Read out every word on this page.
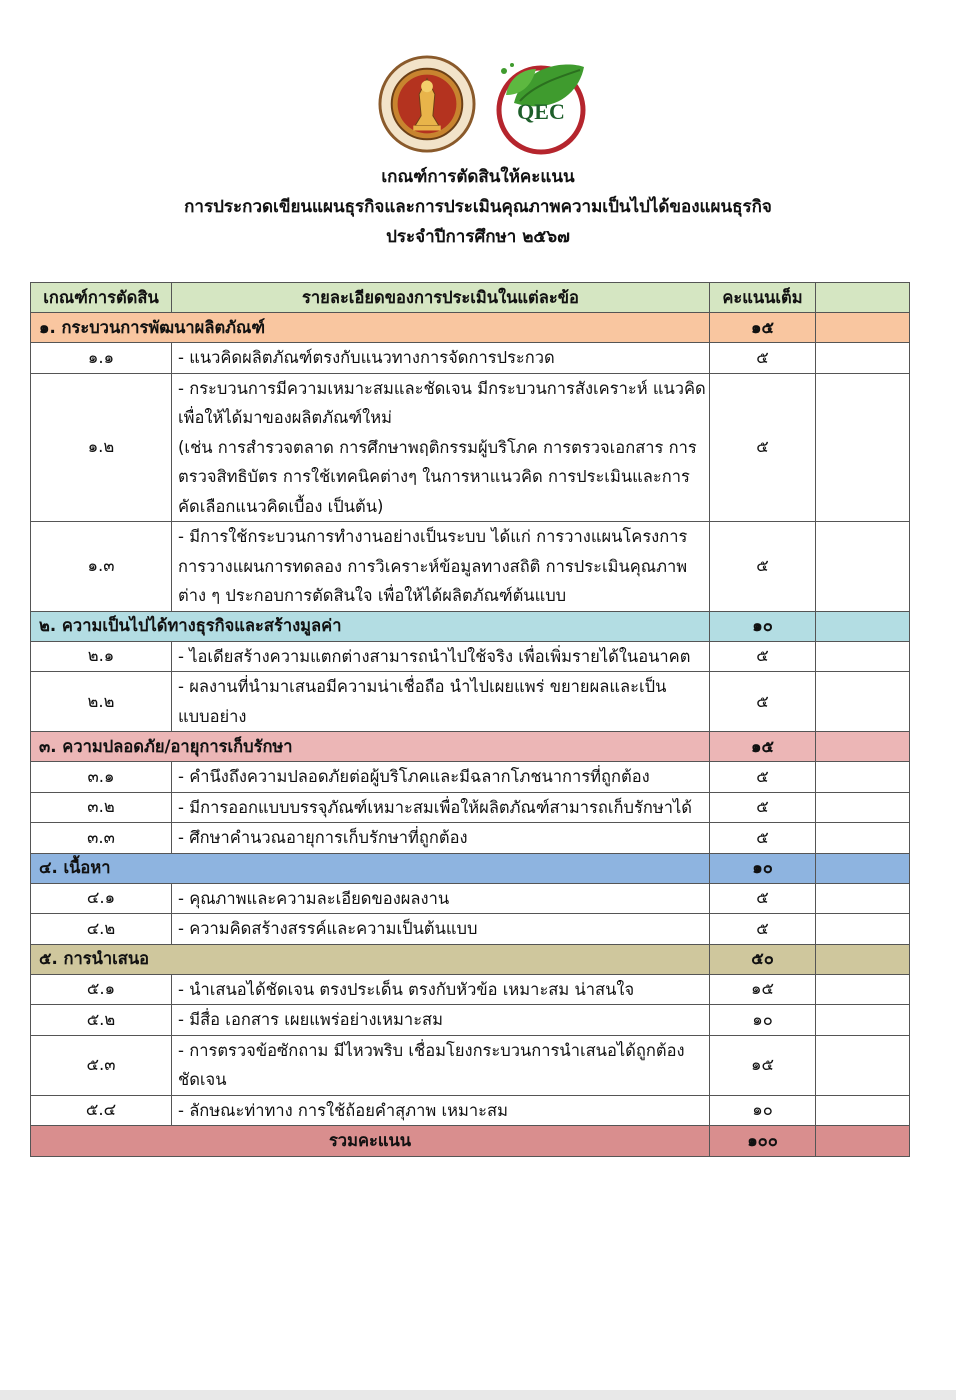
QEC
เกณฑ์การตัดสินให้คะแนน
การประกวดเขียนแผนธุรกิจและการประเมินคุณภาพความเป็นไปได้ของแผนธุรกิจ
ประจำปีการศึกษา ๒๕๖๗
เกณฑ์การตัดสิน	รายละเอียดของการประเมินในแต่ละข้อ	คะแนนเต็ม	
๑. กระบวนการพัฒนาผลิตภัณฑ์		๑๕	
๑.๑	- แนวคิดผลิตภัณฑ์ตรงกับแนวทางการจัดการประกวด	๕	
๑.๒	- กระบวนการมีความเหมาะสมและชัดเจน มีกระบวนการสังเคราะห์ แนวคิด
เพื่อให้ได้มาของผลิตภัณฑ์ใหม่
(เช่น การสำรวจตลาด การศึกษาพฤติกรรมผู้บริโภค การตรวจเอกสาร การ
ตรวจสิทธิบัตร การใช้เทคนิคต่างๆ ในการหาแนวคิด การประเมินและการ
คัดเลือกแนวคิดเบื้อง เป็นต้น)	๕	
๑.๓	- มีการใช้กระบวนการทำงานอย่างเป็นระบบ ได้แก่ การวางแผนโครงการ
การวางแผนการทดลอง การวิเคราะห์ข้อมูลทางสถิติ การประเมินคุณภาพ
ต่าง ๆ ประกอบการตัดสินใจ เพื่อให้ได้ผลิตภัณฑ์ต้นแบบ	๕	
๒. ความเป็นไปได้ทางธุรกิจและสร้างมูลค่า		๑๐	
๒.๑	- ไอเดียสร้างความแตกต่างสามารถนำไปใช้จริง เพื่อเพิ่มรายได้ในอนาคต	๕	
๒.๒	- ผลงานที่นำมาเสนอมีความน่าเชื่อถือ นำไปเผยแพร่ ขยายผลและเป็น
แบบอย่าง	๕	
๓. ความปลอดภัย/อายุการเก็บรักษา		๑๕	
๓.๑	- คำนึงถึงความปลอดภัยต่อผู้บริโภคและมีฉลากโภชนาการที่ถูกต้อง	๕	
๓.๒	- มีการออกแบบบรรจุภัณฑ์เหมาะสมเพื่อให้ผลิตภัณฑ์สามารถเก็บรักษาได้	๕	
๓.๓	- ศึกษาคำนวณอายุการเก็บรักษาที่ถูกต้อง	๕	
๔. เนื้อหา		๑๐	
๔.๑	- คุณภาพและความละเอียดของผลงาน	๕	
๔.๒	- ความคิดสร้างสรรค์และความเป็นต้นแบบ	๕	
๕. การนำเสนอ		๕๐	
๕.๑	- นำเสนอได้ชัดเจน ตรงประเด็น ตรงกับหัวข้อ เหมาะสม น่าสนใจ	๑๕	
๕.๒	- มีสื่อ เอกสาร เผยแพร่อย่างเหมาะสม	๑๐	
๕.๓	- การตรวจข้อซักถาม มีไหวพริบ เชื่อมโยงกระบวนการนำเสนอได้ถูกต้อง
ชัดเจน	๑๕	
๕.๔	- ลักษณะท่าทาง การใช้ถ้อยคำสุภาพ เหมาะสม	๑๐	
รวมคะแนน		๑๐๐	
